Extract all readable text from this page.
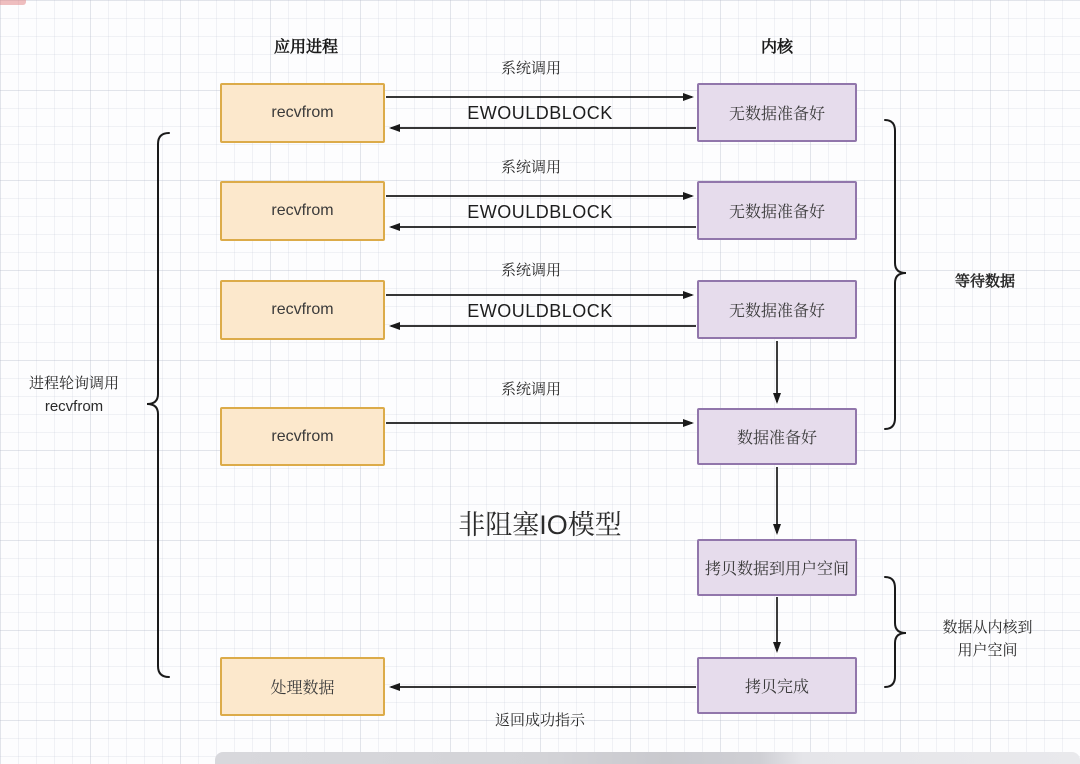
应用进程	内核
recvfrom
系统调用
EWOULDBLOCK	无数据准备好
recvfrom
系统调用
EWOULDBLOCK	无数据准备好
recvfrom
系统调用
EWOULDBLOCK	无数据准备好
recvfrom
系统调用
数据准备好
拷贝数据到用户空间
拷贝完成
处理数据
返回成功指示
非阻塞IO模型
进程轮询调用
recvfrom
等待数据
数据从内核到
用户空间
